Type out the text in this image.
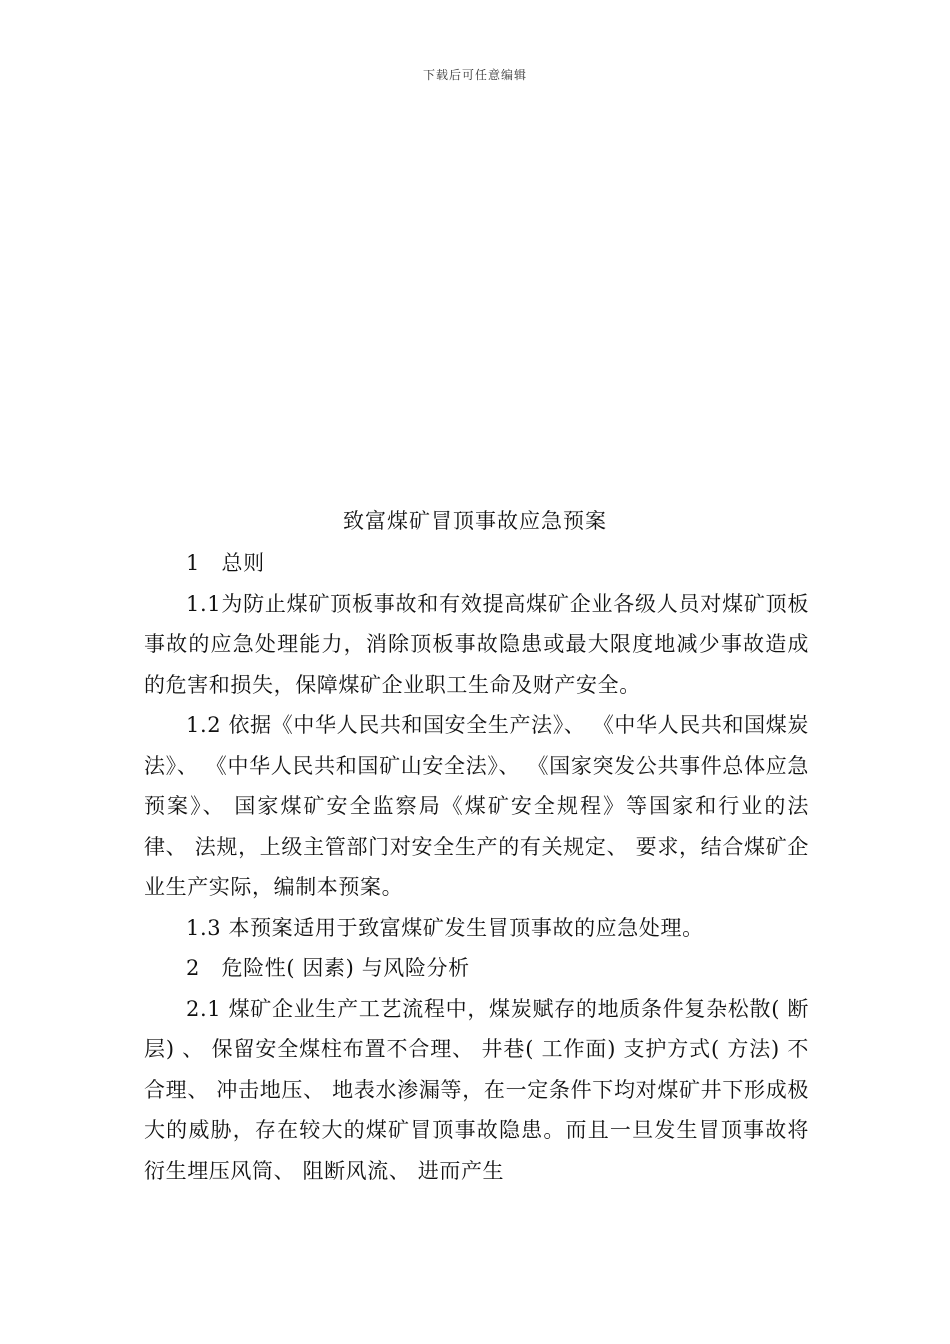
下载后可任意编辑
致富煤矿冒顶事故应急预案

1　总则

1.1为防止煤矿顶板事故和有效提高煤矿企业各级人员对煤矿顶板事故的应急处理能力，消除顶板事故隐患或最大限度地减少事故造成的危害和损失，保障煤矿企业职工生命及财产安全。

1.2 依据《中华人民共和国安全生产法》、 《中华人民共和国煤炭法》、 《中华人民共和国矿山安全法》、 《国家突发公共事件总体应急预案》、 国家煤矿安全监察局《煤矿安全规程》等国家和行业的法律、 法规，上级主管部门对安全生产的有关规定、 要求，结合煤矿企业生产实际，编制本预案。

1.3 本预案适用于致富煤矿发生冒顶事故的应急处理。

2　危险性( 因素) 与风险分析

2.1 煤矿企业生产工艺流程中，煤炭赋存的地质条件复杂松散( 断层) 、 保留安全煤柱布置不合理、 井巷( 工作面) 支护方式( 方法) 不合理、 冲击地压、 地表水渗漏等，在一定条件下均对煤矿井下形成极大的威胁，存在较大的煤矿冒顶事故隐患。而且一旦发生冒顶事故将衍生埋压风筒、 阻断风流、 进而产生
